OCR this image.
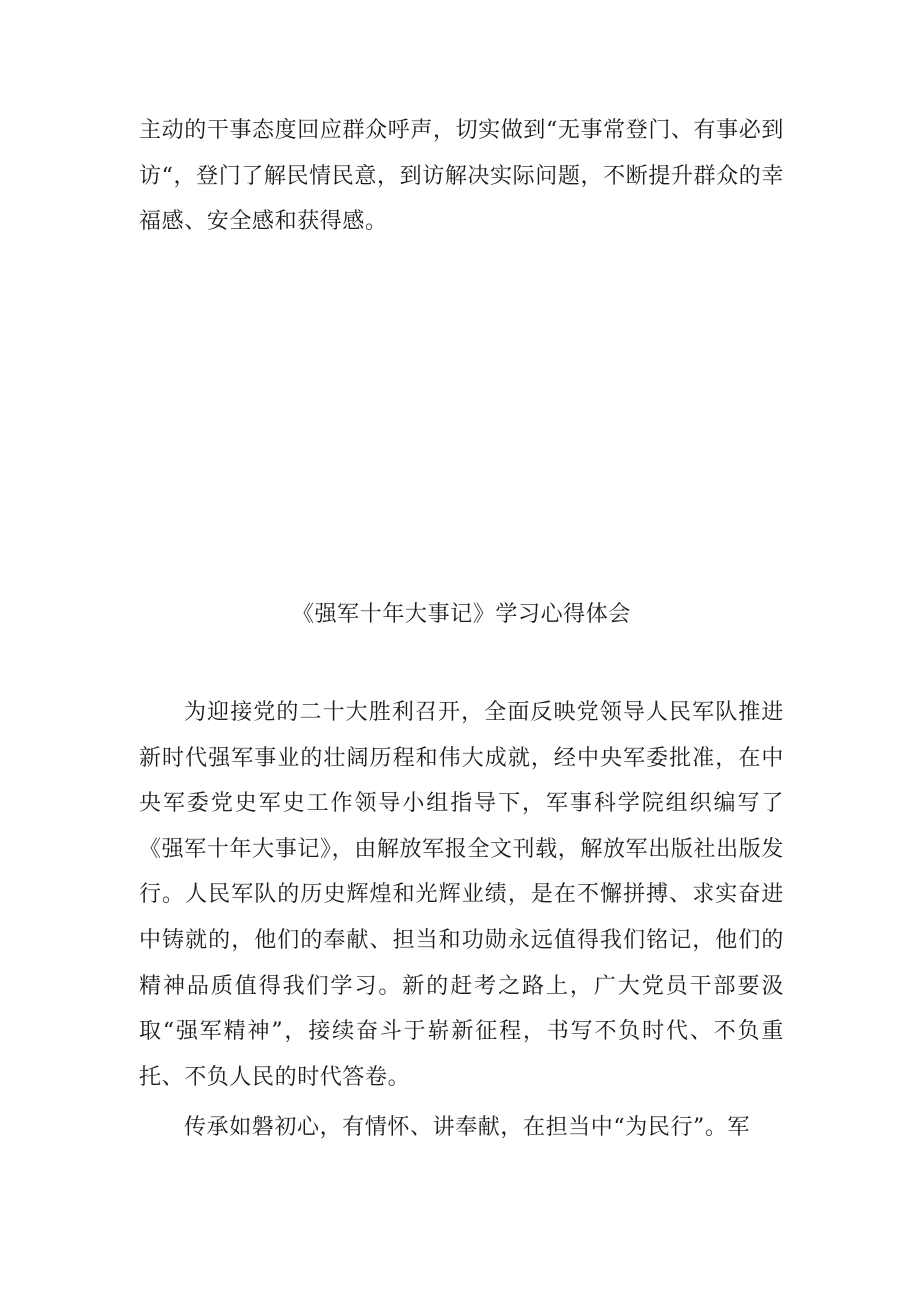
主动的干事态度回应群众呼声，切实做到“无事常登门、有事必到访“，登门了解民情民意，到访解决实际问题，不断提升群众的幸福感、安全感和获得感。

《强军十年大事记》学习心得体会

为迎接党的二十大胜利召开，全面反映党领导人民军队推进新时代强军事业的壮阔历程和伟大成就，经中央军委批准，在中央军委党史军史工作领导小组指导下，军事科学院组织编写了《强军十年大事记》，由解放军报全文刊载，解放军出版社出版发行。人民军队的历史辉煌和光辉业绩，是在不懈拼搏、求实奋进中铸就的，他们的奉献、担当和功勋永远值得我们铭记，他们的精神品质值得我们学习。新的赶考之路上，广大党员干部要汲取“强军精神”，接续奋斗于崭新征程，书写不负时代、不负重托、不负人民的时代答卷。

传承如磐初心，有情怀、讲奉献，在担当中“为民行”。军
